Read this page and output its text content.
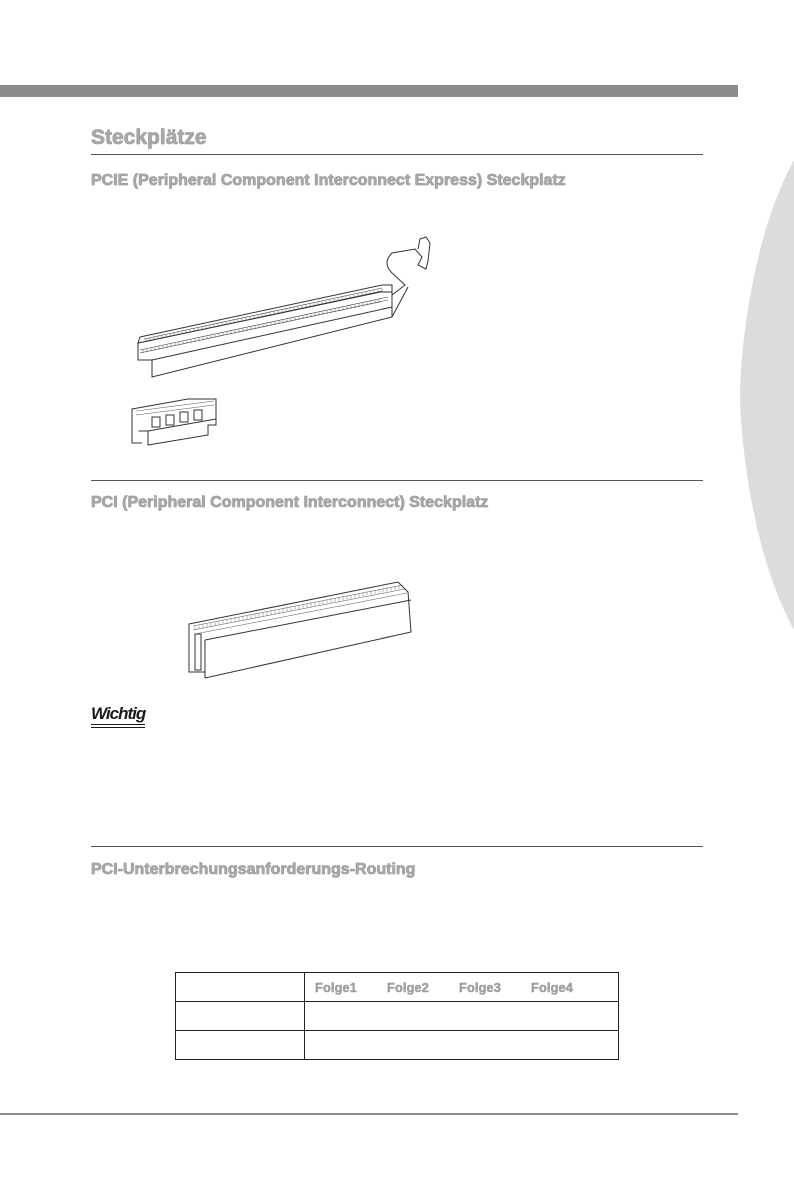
Steckplätze
PCIE (Peripheral Component Interconnect Express) Steckplatz
PCI (Peripheral Component Interconnect) Steckplatz

Wichtig

PCI-Unterbrechungsanforderungs-Routing
	Folge1 Folge2 Folge3 Folge4
